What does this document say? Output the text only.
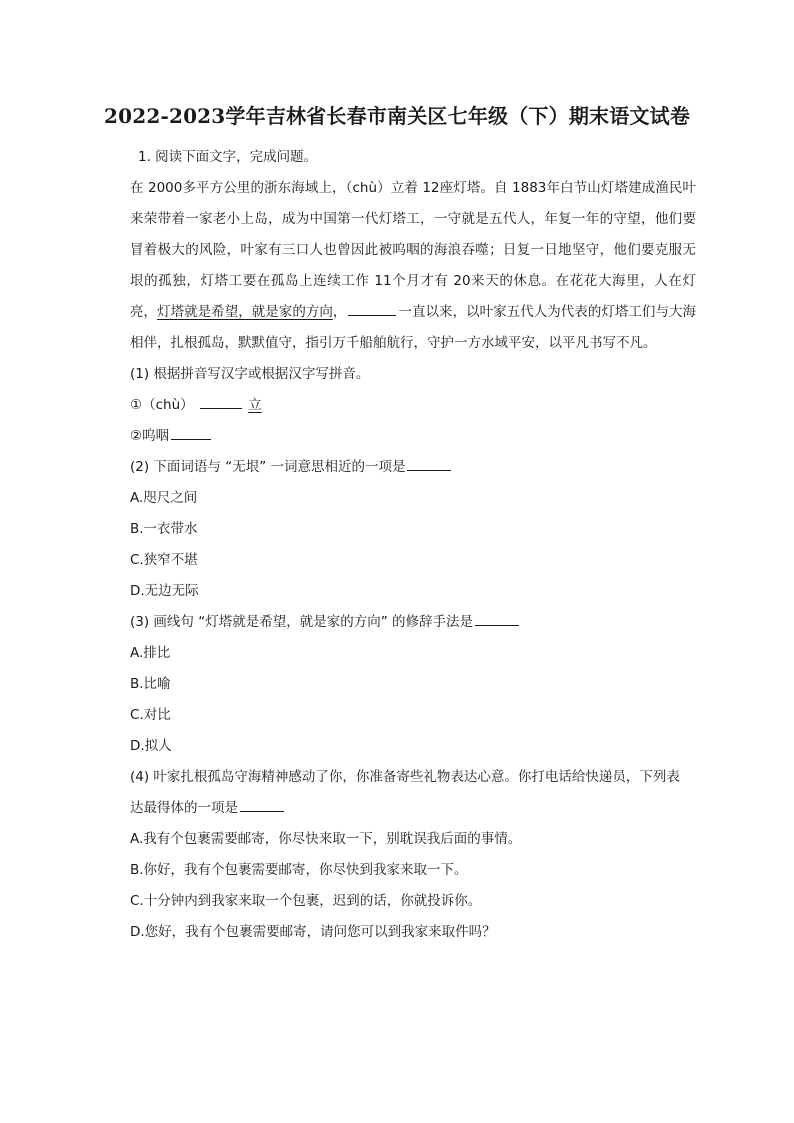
2022-2023学年吉林省长春市南关区七年级（下）期末语文试卷
1. 阅读下面文字，完成问题。
在 2000多平方公里的浙东海域上，（chù）立着 12座灯塔。自 1883年白节山灯塔建成渔民叶来荣带着一家老小上岛，成为中国第一代灯塔工，一守就是五代人，年复一年的守望，他们要冒着极大的风险，叶家有三口人也曾因此被呜咽的海浪吞噬；日复一日地坚守，他们要克服无垠的孤独，灯塔工要在孤岛上连续工作 11个月才有 20来天的休息。在花花大海里，人在灯亮，灯塔就是希望，就是家的方向，	一直以来，以叶家五代人为代表的灯塔工们与大海相伴，扎根孤岛，默默值守，指引万千船舶航行，守护一方水域平安，以平凡书写不凡。
(1) 根据拼音写汉字或根据汉字写拼音。
①（chù）	立
②呜咽
(2) 下面词语与 “无垠” 一词意思相近的一项是
A.咫尺之间
B.一衣带水
C.狭窄不堪
D.无边无际
(3) 画线句 “灯塔就是希望，就是家的方向” 的修辞手法是
A.排比
B.比喻
C.对比
D.拟人
(4) 叶家扎根孤岛守海精神感动了你，你准备寄些礼物表达心意。你打电话给快递员，下列表
达最得体的一项是
A.我有个包裹需要邮寄，你尽快来取一下，别耽误我后面的事情。
B.你好，我有个包裹需要邮寄，你尽快到我家来取一下。
C.十分钟内到我家来取一个包裹，迟到的话，你就投诉你。
D.您好，我有个包裹需要邮寄，请问您可以到我家来取件吗？
